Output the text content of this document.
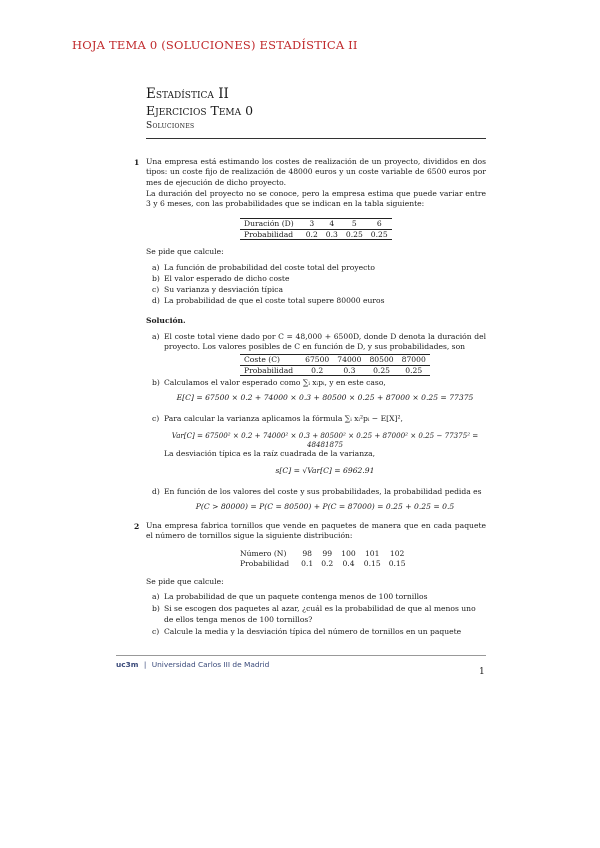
HOJA TEMA 0 (SOLUCIONES) ESTADÍSTICA II
Estadística II
Ejercicios Tema 0
Soluciones
1 Una empresa está estimando los costes de realización de un proyecto, divididos en dos tipos: un coste fijo de realización de 48000 euros y un coste variable de 6500 euros por mes de ejecución de dicho proyecto.
La duración del proyecto no se conoce, pero la empresa estima que puede variar entre 3 y 6 meses, con las probabilidades que se indican en la tabla siguiente:
Duración (D)	3	4	5	6
Probabilidad	0.2	0.3	0.25	0.25
Se pide que calcule:
a) La función de probabilidad del coste total del proyecto
b) El valor esperado de dicho coste
c) Su varianza y desviación típica
d) La probabilidad de que el coste total supere 80000 euros
Solución.
a) El coste total viene dado por C = 48,000 + 6500D, donde D denota la duración del proyecto. Los valores posibles de C en función de D, y sus probabilidades, son
Coste (C)	67500	74000	80500	87000
Probabilidad	0.2	0.3	0.25	0.25
b) Calculamos el valor esperado como ∑ᵢ xᵢpᵢ, y en este caso,
E[C] = 67500 × 0.2 + 74000 × 0.3 + 80500 × 0.25 + 87000 × 0.25 = 77375
c) Para calcular la varianza aplicamos la fórmula ∑ᵢ xᵢ²pᵢ − E[X]²,
Var[C] = 67500² × 0.2 + 74000² × 0.3 + 80500² × 0.25 + 87000² × 0.25 − 77375² = 48481875
La desviación típica es la raíz cuadrada de la varianza,
s[C] = √Var[C] = 6962.91
d) En función de los valores del coste y sus probabilidades, la probabilidad pedida es
P(C > 80000) = P(C = 80500) + P(C = 87000) = 0.25 + 0.25 = 0.5
2 Una empresa fabrica tornillos que vende en paquetes de manera que en cada paquete el número de tornillos sigue la siguiente distribución:
Número (N)	98	99	100	101	102
Probabilidad	0.1	0.2	0.4	0.15	0.15
Se pide que calcule:
a) La probabilidad de que un paquete contenga menos de 100 tornillos
b) Si se escogen dos paquetes al azar, ¿cuál es la probabilidad de que al menos uno de ellos tenga menos de 100 tornillos?
c) Calcule la media y la desviación típica del número de tornillos en un paquete
uc3m | Universidad Carlos III de Madrid
1
